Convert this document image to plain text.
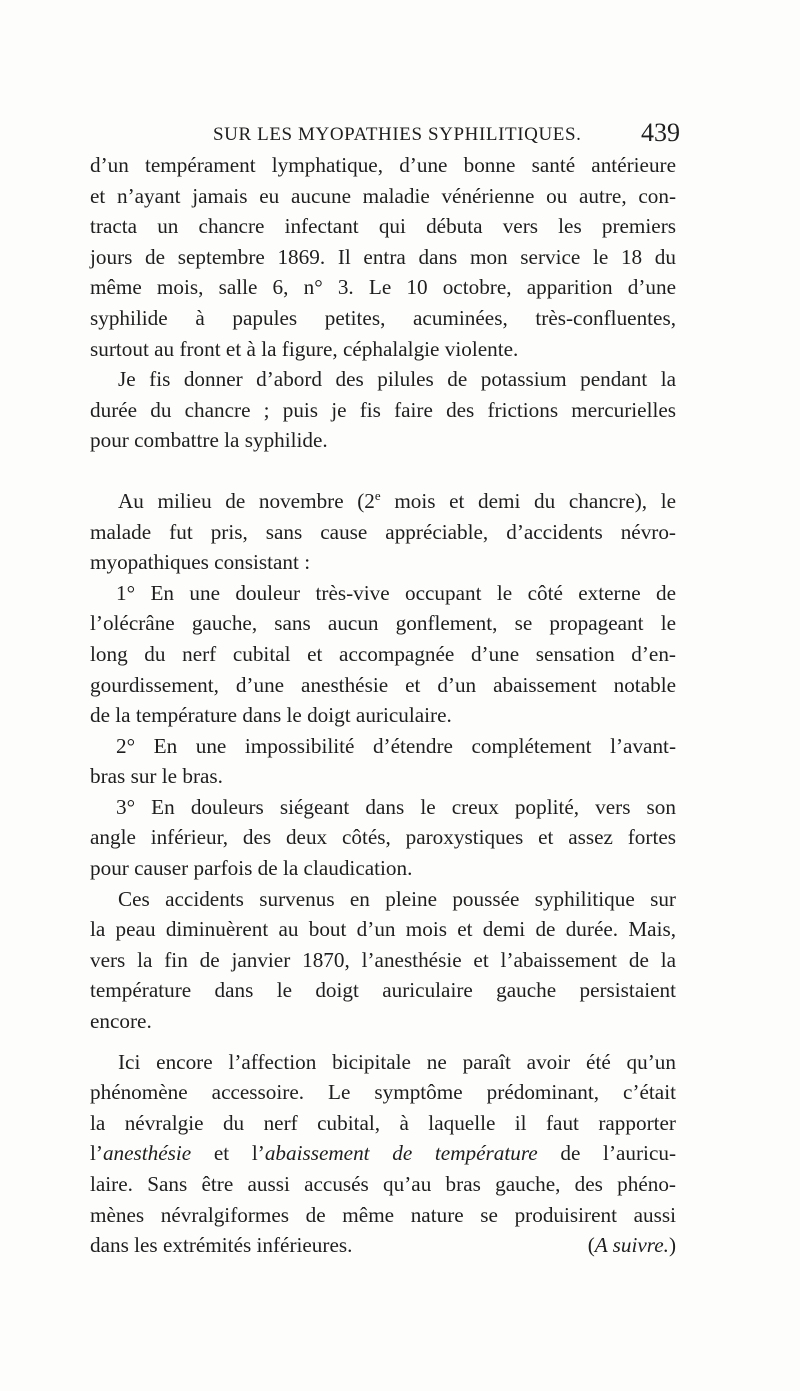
SUR LES MYOPATHIES SYPHILITIQUES. 439
d’un tempérament lymphatique, d’une bonne santé antérieure
et n’ayant jamais eu aucune maladie vénérienne ou autre, con-
tracta un chancre infectant qui débuta vers les premiers
jours de septembre 1869. Il entra dans mon service le 18 du
même mois, salle 6, n° 3. Le 10 octobre, apparition d’une
syphilide à papules petites, acuminées, très-confluentes,
surtout au front et à la figure, céphalalgie violente.
Je fis donner d’abord des pilules de potassium pendant la
durée du chancre ; puis je fis faire des frictions mercurielles
pour combattre la syphilide.
Au milieu de novembre (2e mois et demi du chancre), le
malade fut pris, sans cause appréciable, d’accidents névro-
myopathiques consistant :
1° En une douleur très-vive occupant le côté externe de
l’olécrâne gauche, sans aucun gonflement, se propageant le
long du nerf cubital et accompagnée d’une sensation d’en-
gourdissement, d’une anesthésie et d’un abaissement notable
de la température dans le doigt auriculaire.
2° En une impossibilité d’étendre complétement l’avant-
bras sur le bras.
3° En douleurs siégeant dans le creux poplité, vers son
angle inférieur, des deux côtés, paroxystiques et assez fortes
pour causer parfois de la claudication.
Ces accidents survenus en pleine poussée syphilitique sur
la peau diminuèrent au bout d’un mois et demi de durée. Mais,
vers la fin de janvier 1870, l’anesthésie et l’abaissement de la
température dans le doigt auriculaire gauche persistaient
encore.
Ici encore l’affection bicipitale ne paraît avoir été qu’un
phénomène accessoire. Le symptôme prédominant, c’était
la névralgie du nerf cubital, à laquelle il faut rapporter
l’anesthésie et l’abaissement de température de l’auricu-
laire. Sans être aussi accusés qu’au bras gauche, des phéno-
mènes névralgiformes de même nature se produisirent aussi
dans les extrémités inférieures.	(A suivre.)
